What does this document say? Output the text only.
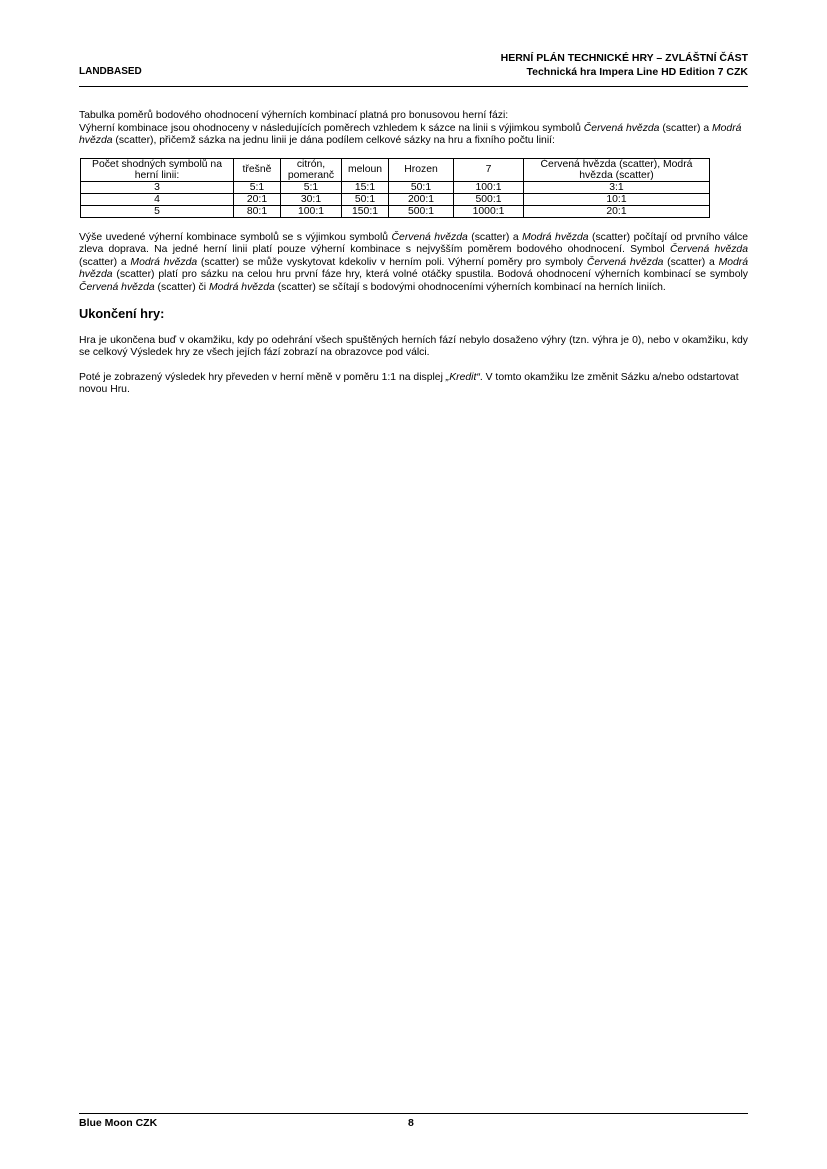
LANDBASED
HERNÍ PLÁN TECHNICKÉ HRY – ZVLÁŠTNÍ ČÁST
Technická hra Impera Line HD Edition 7 CZK

Tabulka poměrů bodového ohodnocení výherních kombinací platná pro bonusovou herní fázi:

Výherní kombinace jsou ohodnoceny v následujících poměrech vzhledem k sázce na linii s výjimkou symbolů Červená hvězda (scatter) a Modrá hvězda (scatter), přičemž sázka na jednu linii je dána podílem celkové sázky na hru a fixního počtu linií:

Počet shodných symbolů na herní linii:	třešně	citrón, pomeranč	meloun	Hrozen	7	Červená hvězda (scatter), Modrá hvězda (scatter)
3	5:1	5:1	15:1	50:1	100:1	3:1
4	20:1	30:1	50:1	200:1	500:1	10:1
5	80:1	100:1	150:1	500:1	1000:1	20:1

Výše uvedené výherní kombinace symbolů se s výjimkou symbolů Červená hvězda (scatter) a Modrá hvězda (scatter) počítají od prvního válce zleva doprava. Na jedné herní linii platí pouze výherní kombinace s nejvyšším poměrem bodového ohodnocení. Symbol Červená hvězda (scatter) a Modrá hvězda (scatter) se může vyskytovat kdekoliv v herním poli. Výherní poměry pro symboly Červená hvězda (scatter) a Modrá hvězda (scatter) platí pro sázku na celou hru první fáze hry, která volné otáčky spustila. Bodová ohodnocení výherních kombinací se symboly Červená hvězda (scatter) či Modrá hvězda (scatter) se sčítají s bodovými ohodnoceními výherních kombinací na herních liniích.

Ukončení hry:

Hra je ukončena buď v okamžiku, kdy po odehrání všech spuštěných herních fází nebylo dosaženo výhry (tzn. výhra je 0), nebo v okamžiku, kdy se celkový Výsledek hry ze všech jejích fází zobrazí na obrazovce pod válci.

Poté je zobrazený výsledek hry převeden v herní měně v poměru 1:1 na displej „Kredit“. V tomto okamžiku lze změnit Sázku a/nebo odstartovat novou Hru.

Blue Moon CZK	8
